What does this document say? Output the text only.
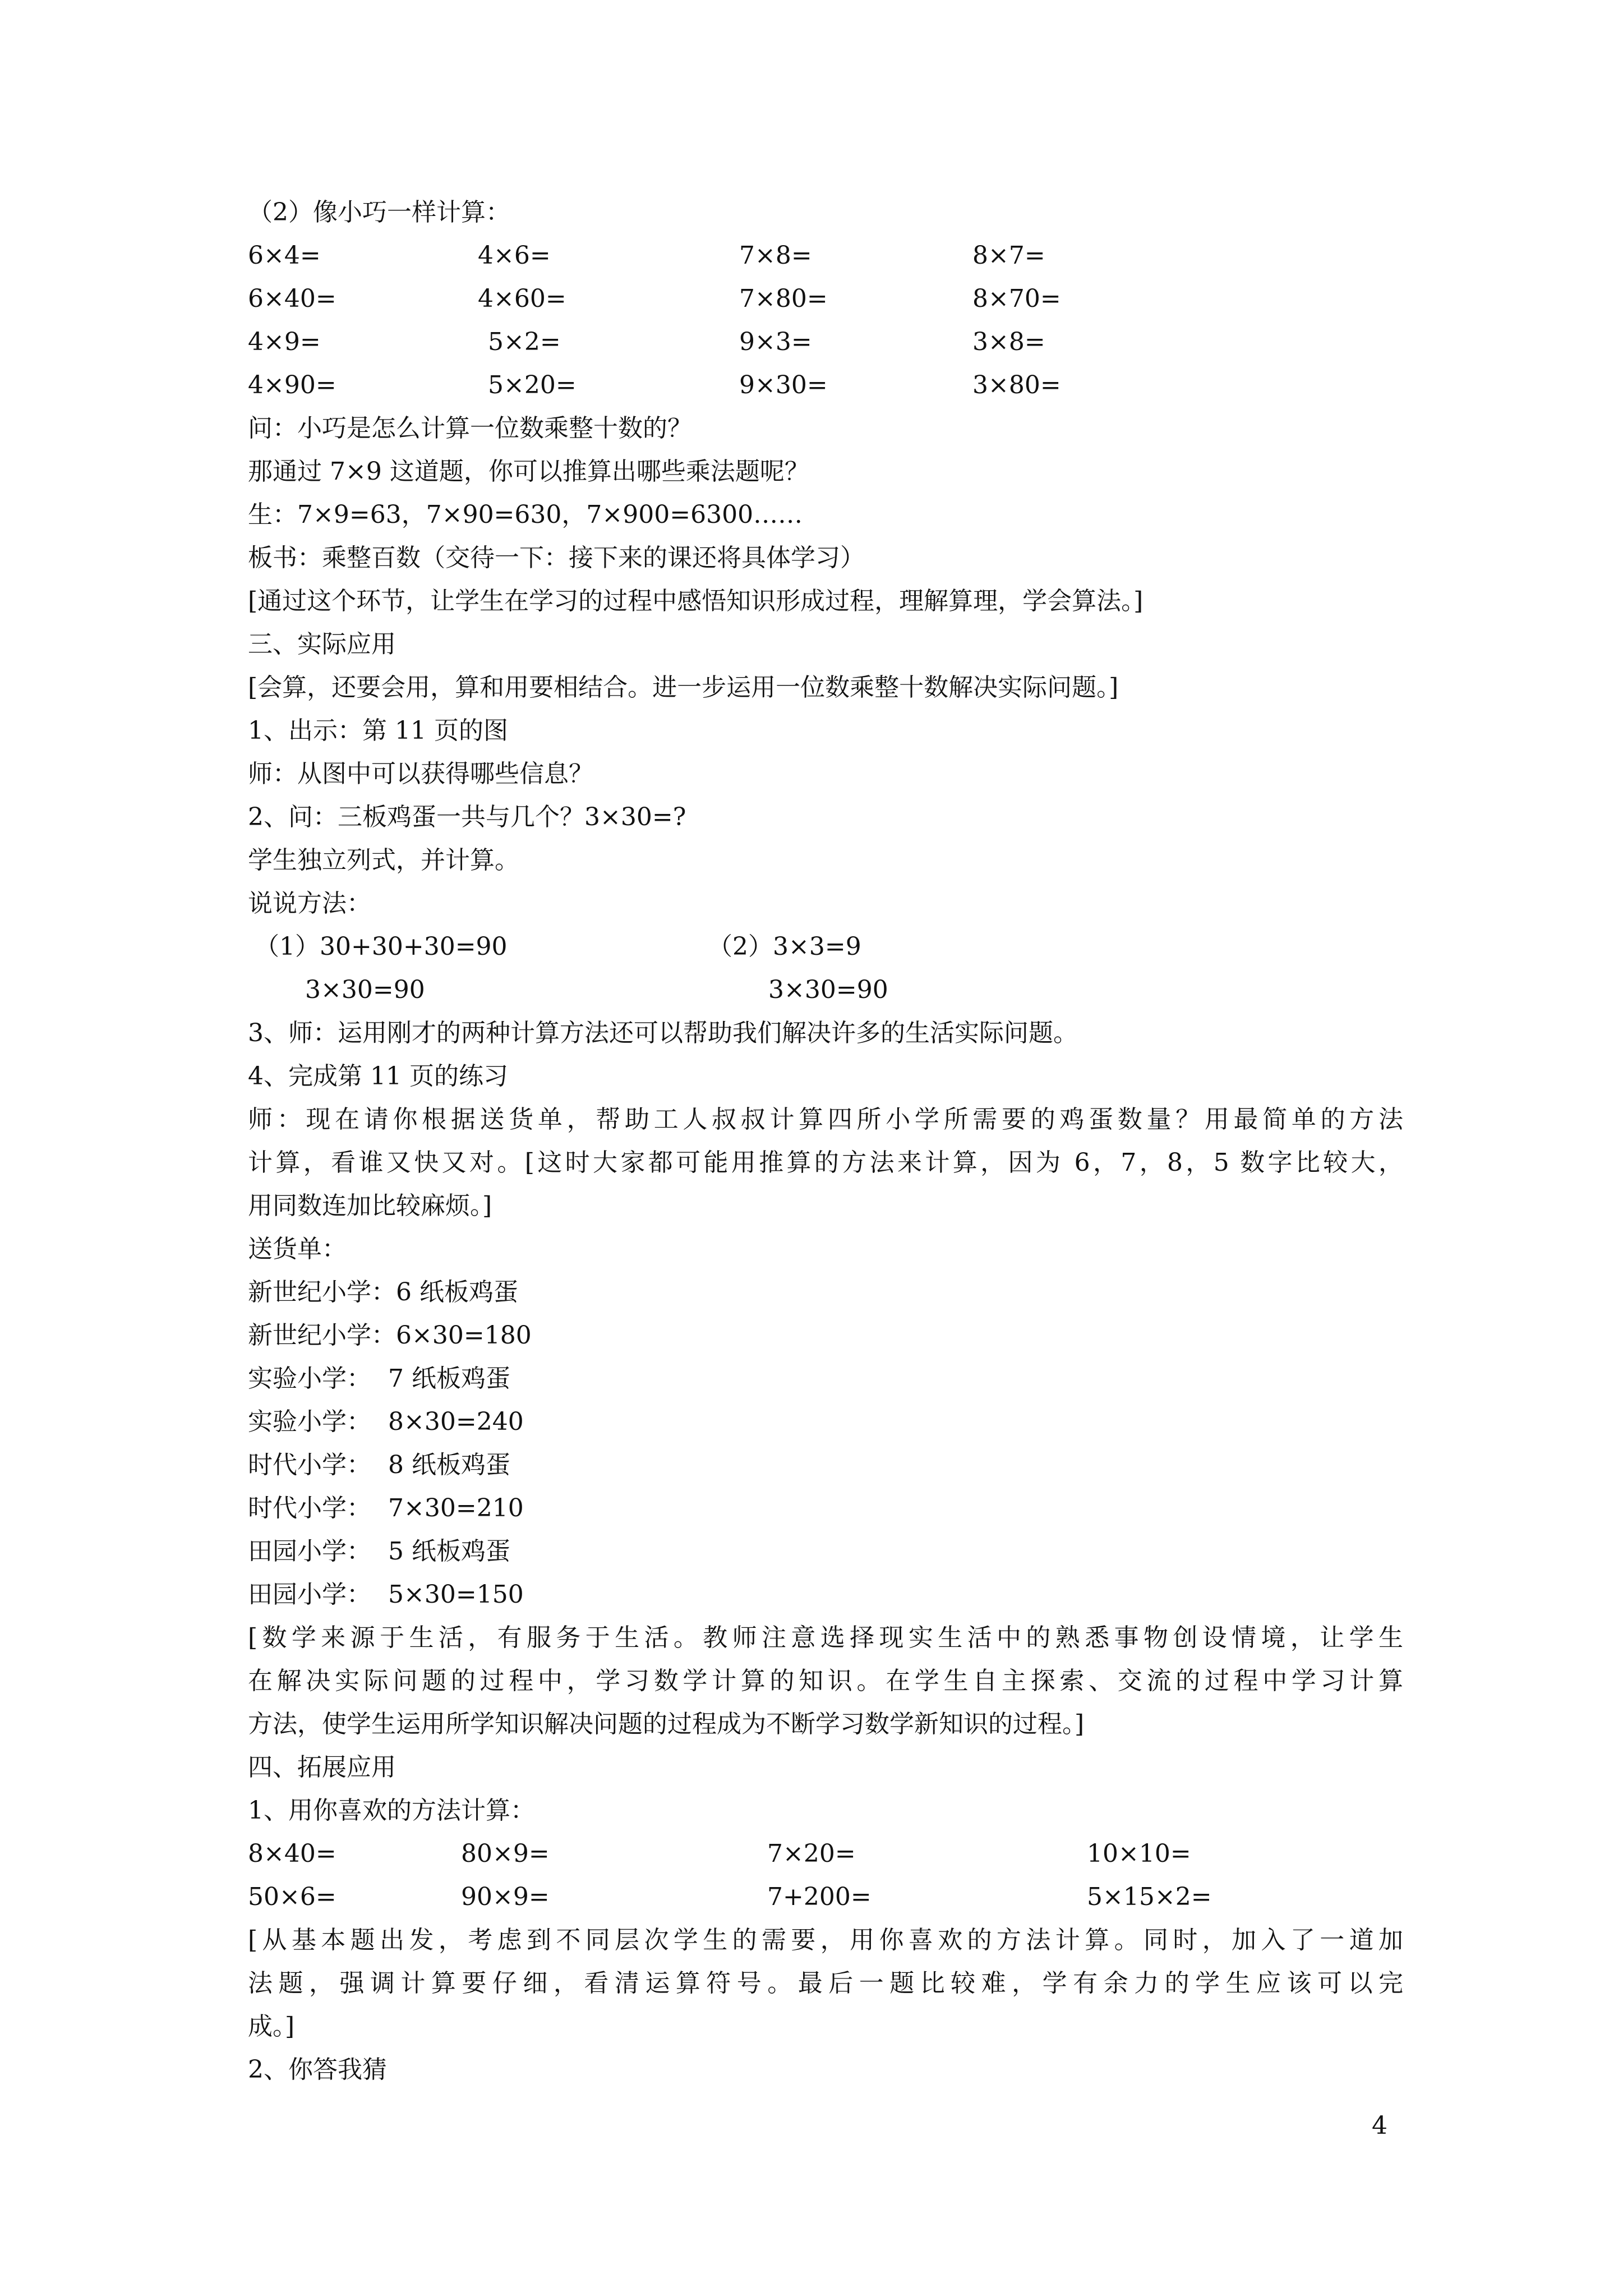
（2）像小巧一样计算：
6×4=	4×6=	7×8=	8×7=
6×40=	4×60=	7×80=	8×70=
4×9=	5×2=	9×3=	3×8=
4×90=	5×20=	9×30=	3×80=
问：小巧是怎么计算一位数乘整十数的？
那通过 7×9 这道题，你可以推算出哪些乘法题呢？
生：7×9=63，7×90=630，7×900=6300……
板书：乘整百数（交待一下：接下来的课还将具体学习）
[通过这个环节，让学生在学习的过程中感悟知识形成过程，理解算理，学会算法。]
三、实际应用
[会算，还要会用，算和用要相结合。进一步运用一位数乘整十数解决实际问题。]
1、出示：第 11 页的图
师：从图中可以获得哪些信息？
2、问：三板鸡蛋一共与几个？3×30=?
学生独立列式，并计算。
说说方法：
（1）30+30+30=90	（2）3×3=9
3×30=90	3×30=90
3、师：运用刚才的两种计算方法还可以帮助我们解决许多的生活实际问题。
4、完成第 11 页的练习
师：现在请你根据送货单，帮助工人叔叔计算四所小学所需要的鸡蛋数量？用最简单的方法
计算，看谁又快又对。[这时大家都可能用推算的方法来计算，因为 6，7，8，5 数字比较大，
用同数连加比较麻烦。]
送货单：
新世纪小学：6 纸板鸡蛋
新世纪小学：6×30=180
实验小学： 7 纸板鸡蛋
实验小学： 8×30=240
时代小学： 8 纸板鸡蛋
时代小学： 7×30=210
田园小学： 5 纸板鸡蛋
田园小学： 5×30=150
[数学来源于生活，有服务于生活。教师注意选择现实生活中的熟悉事物创设情境，让学生
在解决实际问题的过程中，学习数学计算的知识。在学生自主探索、交流的过程中学习计算
方法，使学生运用所学知识解决问题的过程成为不断学习数学新知识的过程。]
四、拓展应用
1、用你喜欢的方法计算：
8×40=	80×9=	7×20=	10×10=
50×6=	90×9=	7+200=	5×15×2=
[从基本题出发，考虑到不同层次学生的需要，用你喜欢的方法计算。同时，加入了一道加
法题，强调计算要仔细，看清运算符号。最后一题比较难，学有余力的学生应该可以完
成。]
2、你答我猜
4
